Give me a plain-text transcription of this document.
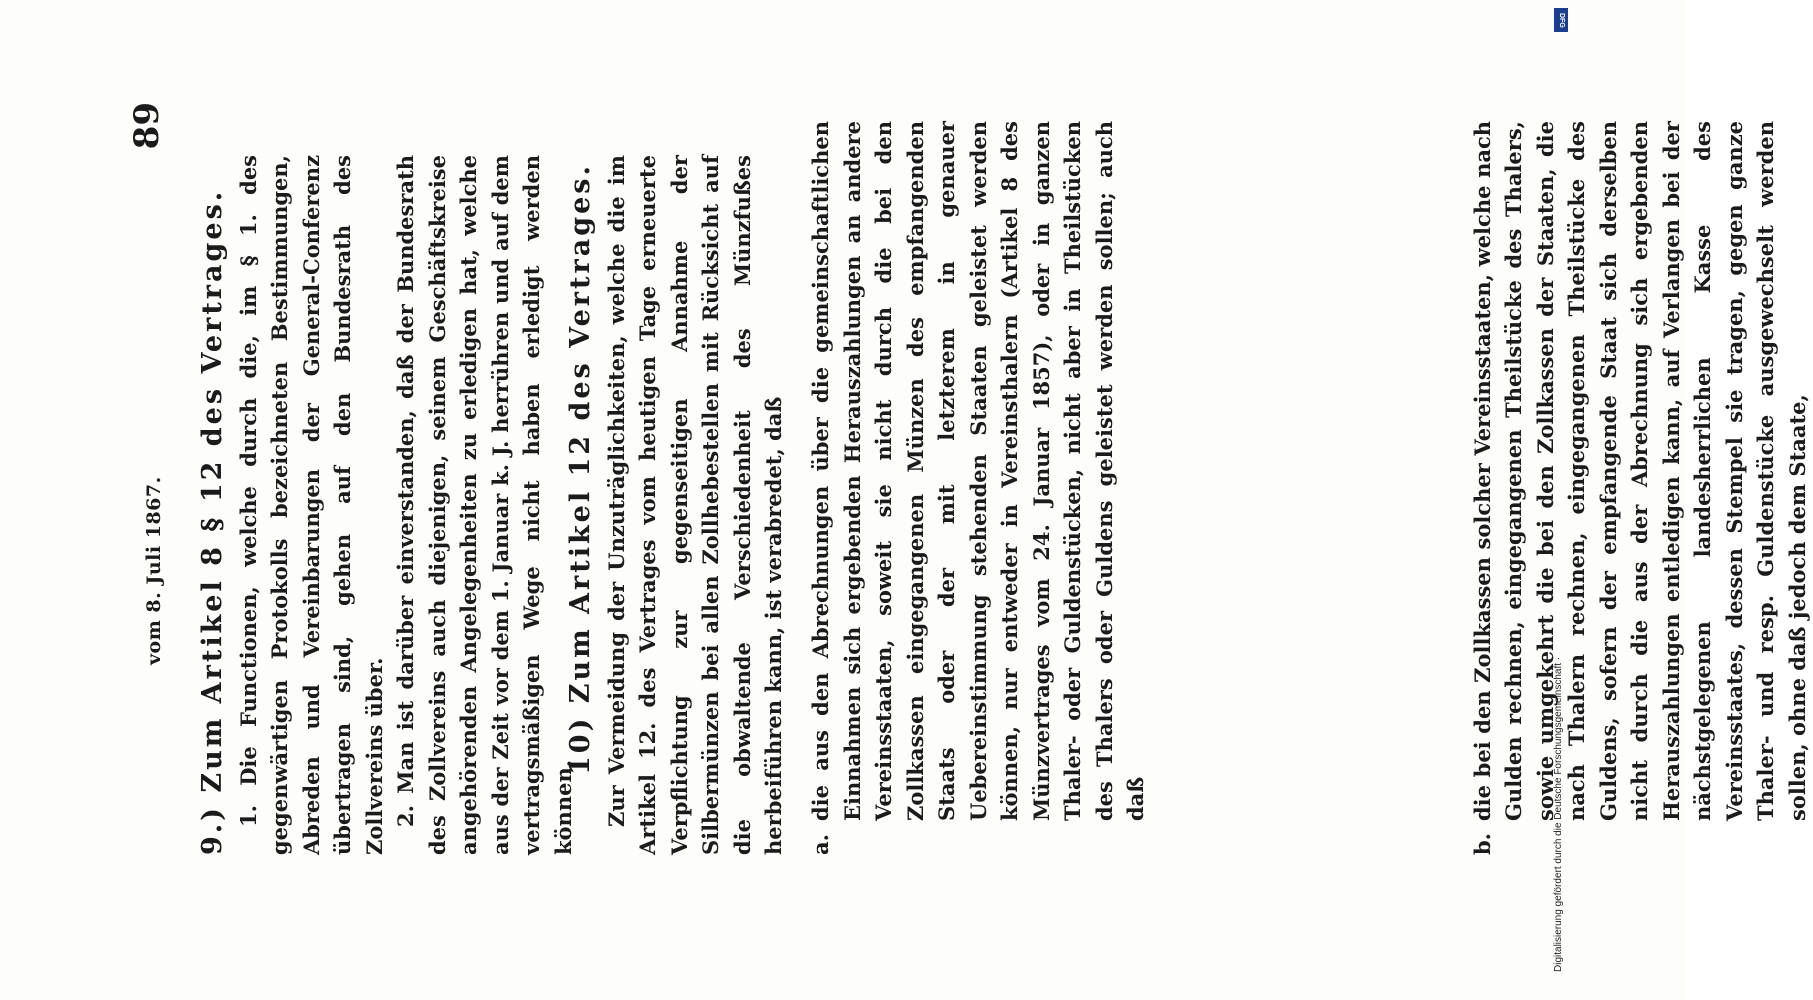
vom 8. Juli 1867.
89
9.) Zum Artikel 8 § 12 des Vertrages. 1. Die Functionen, welche durch die, im § 1. des gegenwärtigen Protokolls bezeichneten Bestimmungen, Abreden und Vereinbarungen der General-Conferenz übertragen sind, gehen auf den Bundesrath des Zollvereins über. 2. Man ist darüber einverstanden, daß der Bundesrath des Zollvereins auch diejenigen, seinem Geschäftskreise angehörenden Angelegenheiten zu erledigen hat, welche aus der Zeit vor dem 1. Januar k. J. herrühren und auf dem vertragsmäßigen Wege nicht haben erledigt werden können.

10) Zum Artikel 12 des Vertrages. Zur Vermeidung der Unzuträglichkeiten, welche die im Artikel 12. des Vertrages vom heutigen Tage erneuerte Verpflichtung zur gegenseitigen Annahme der Silbermünzen bei allen Zollhebestellen mit Rücksicht auf die obwaltende Verschiedenheit des Münzfußes herbeiführen kann, ist verabredet, daß a.

die aus den Abrechnungen über die gemeinschaftlichen Einnahmen sich ergebenden Herauszahlungen an andere Vereinsstaaten, soweit sie nicht durch die bei den Zollkassen eingegangenen Münzen des empfangenden Staats oder der mit letzterem in genauer Uebereinstimmung stehenden Staaten geleistet werden können, nur entweder in Vereinsthalern (Artikel 8 des Münzvertrages vom 24. Januar 1857), oder in ganzen Thaler- oder Guldenstücken, nicht aber in Theilstücken des Thalers oder Guldens geleistet werden sollen; auch daß

b.

die bei den Zollkassen solcher Vereinsstaaten, welche nach Gulden rechnen, eingegangenen Theilstücke des Thalers, sowie umgekehrt die bei den Zollkassen der Staaten, die nach Thalern rechnen, eingegangenen Theilstücke des Guldens, sofern der empfangende Staat sich derselben nicht durch die aus der Abrechnung sich ergebenden Herauszahlungen entledigen kann, auf Verlangen bei der nächstgelegenen landesherrlichen Kasse des Vereinsstaates, dessen Stempel sie tragen, gegen ganze Thaler- und resp. Guldenstücke ausgewechselt werden sollen, ohne daß jedoch dem Staate,

DFG
Digitalisierung gefördert durch die Deutsche Forschungsgemeinschaft ·
